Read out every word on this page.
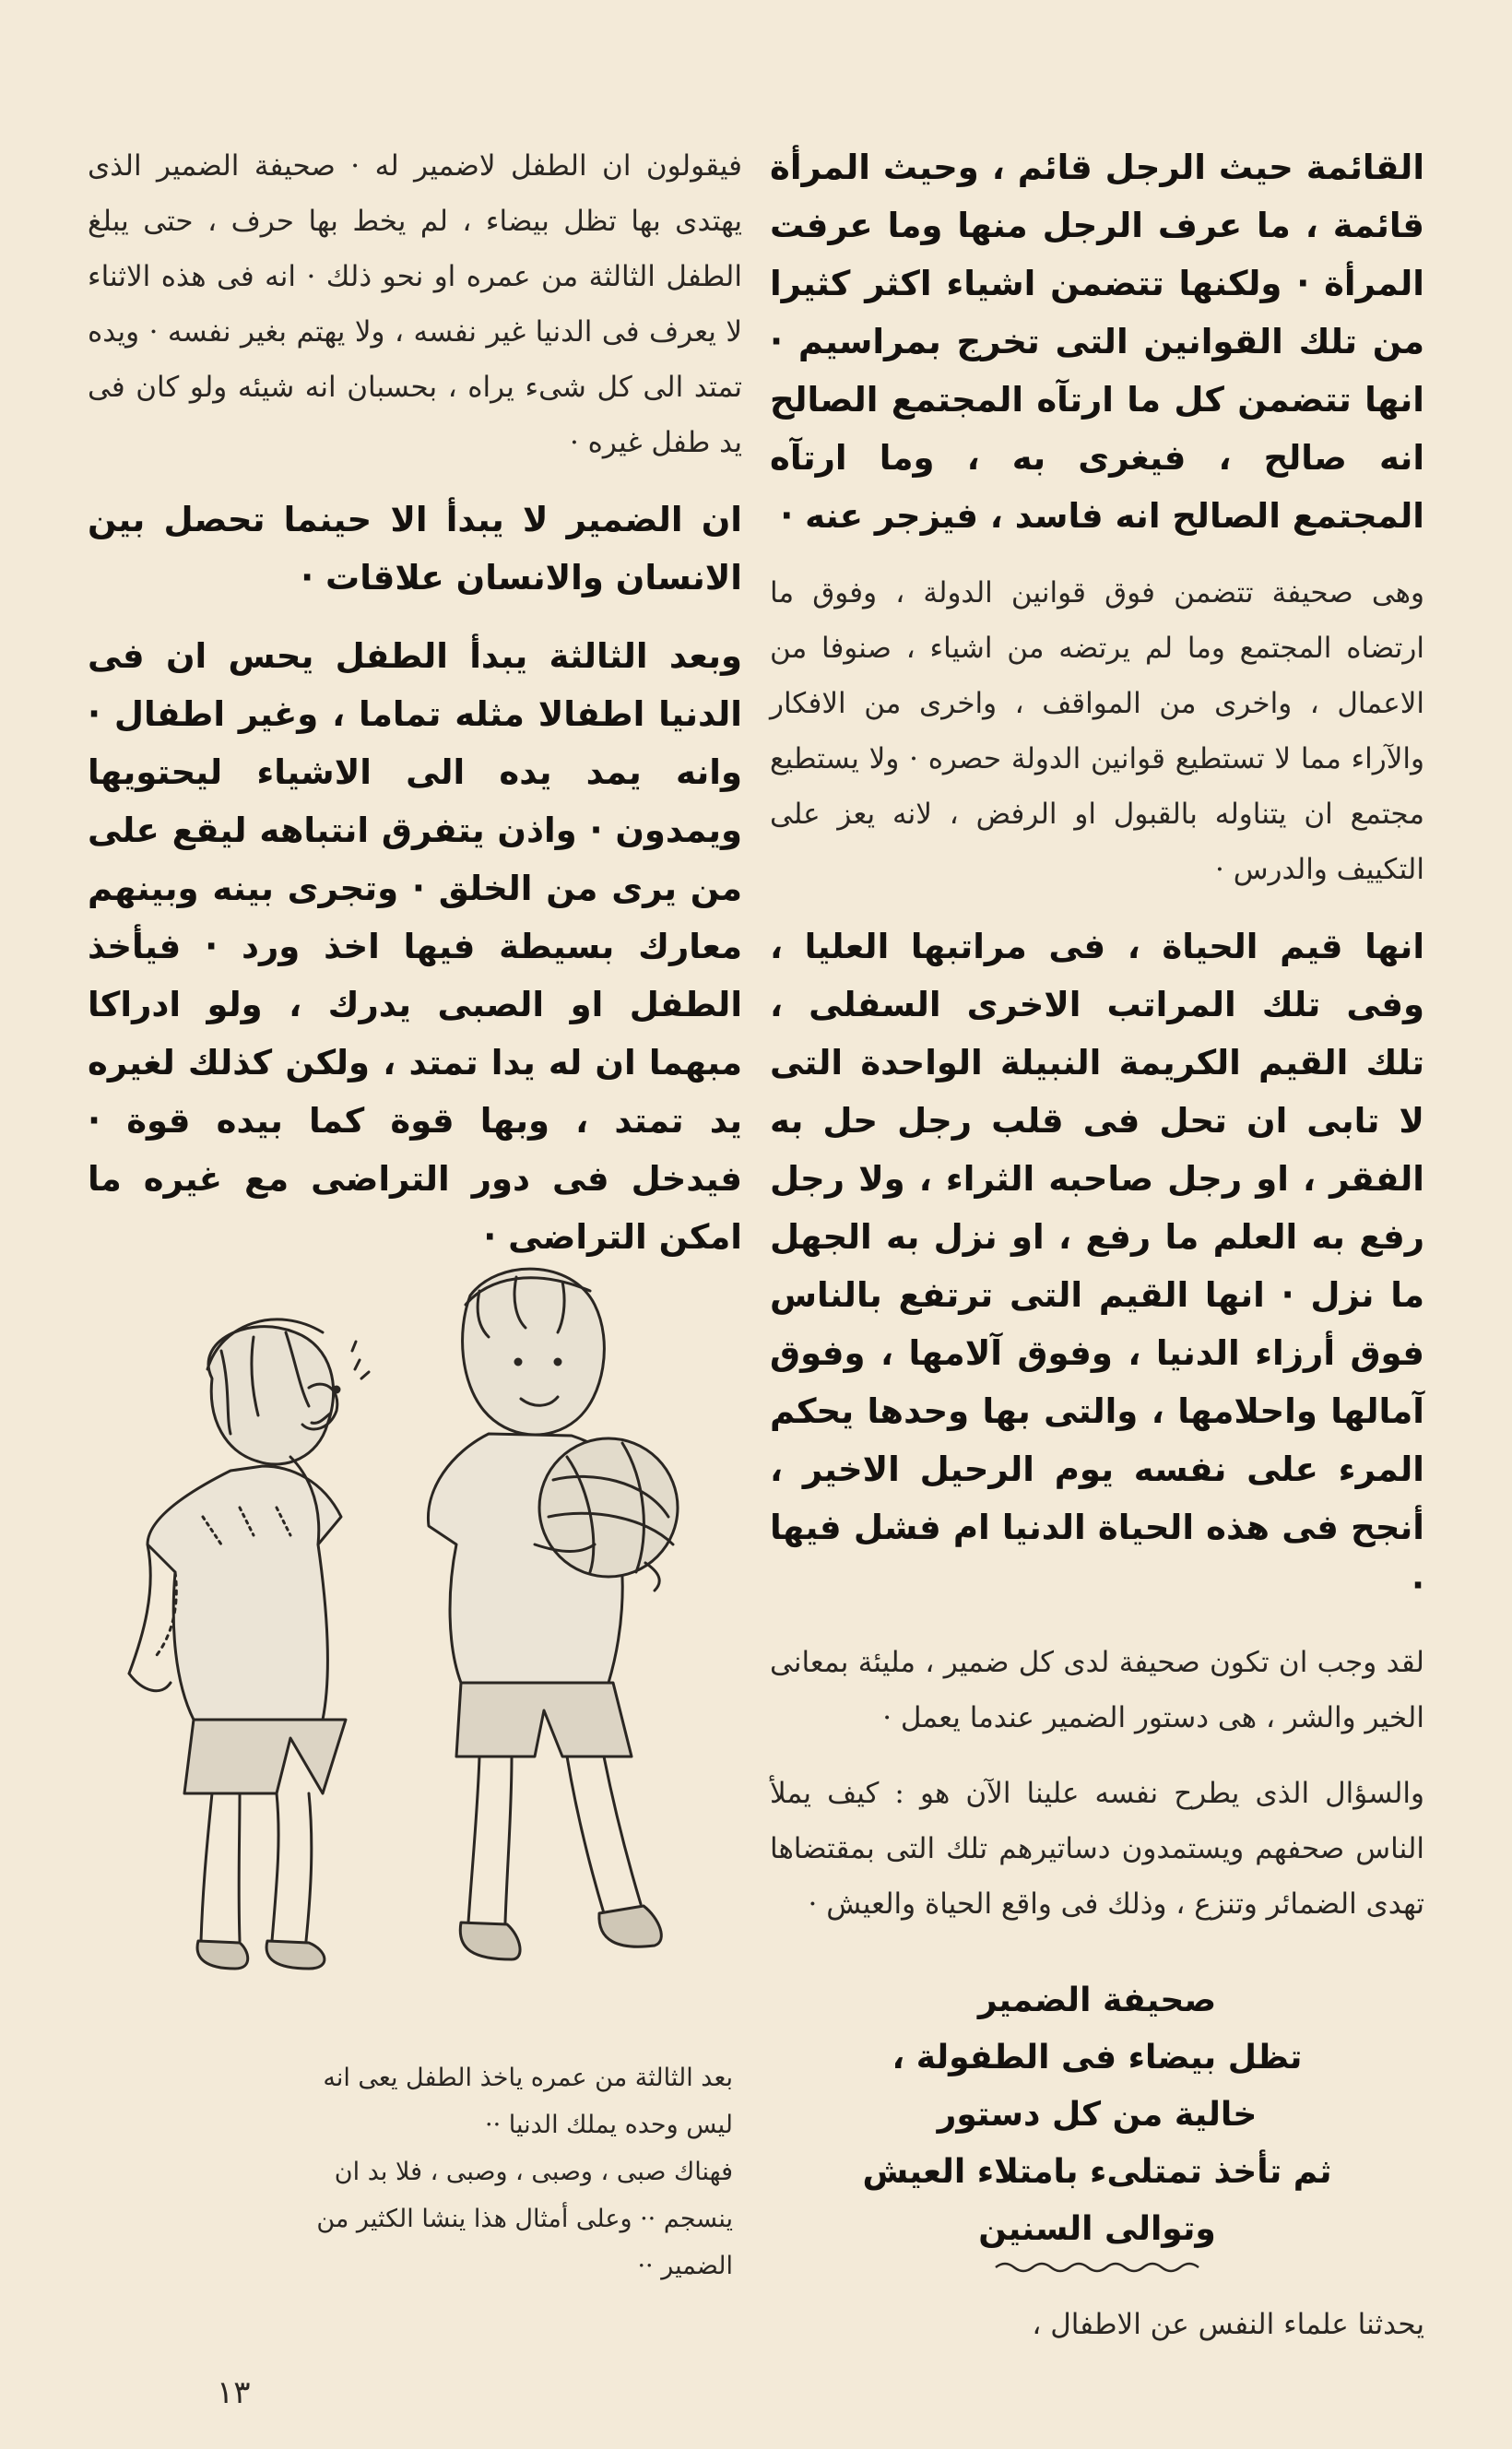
القائمة حيث الرجل قائم ، وحيث المرأة قائمة ، ما عرف الرجل منها وما عرفت المرأة · ولكنها تتضمن اشياء اكثر كثيرا من تلك القوانين التى تخرج بمراسيم · انها تتضمن كل ما ارتآه المجتمع الصالح انه صالح ، فيغرى به ، وما ارتآه المجتمع الصالح انه فاسد ، فيزجر عنه ·

وهى صحيفة تتضمن فوق قوانين الدولة ، وفوق ما ارتضاه المجتمع وما لم يرتضه من اشياء ، صنوفا من الاعمال ، واخرى من المواقف ، واخرى من الافكار والآراء مما لا تستطيع قوانين الدولة حصره · ولا يستطيع مجتمع ان يتناوله بالقبول او الرفض ، لانه يعز على التكييف والدرس ·

انها قيم الحياة ، فى مراتبها العليا ، وفى تلك المراتب الاخرى السفلى ، تلك القيم الكريمة النبيلة الواحدة التى لا تابى ان تحل فى قلب رجل حل به الفقر ، او رجل صاحبه الثراء ، ولا رجل رفع به العلم ما رفع ، او نزل به الجهل ما نزل · انها القيم التى ترتفع بالناس فوق أرزاء الدنيا ، وفوق آلامها ، وفوق آمالها واحلامها ، والتى بها وحدها يحكم المرء على نفسه يوم الرحيل الاخير ، أنجح فى هذه الحياة الدنيا ام فشل فيها ·

لقد وجب ان تكون صحيفة لدى كل ضمير ، مليئة بمعانى الخير والشر ، هى دستور الضمير عندما يعمل ·

والسؤال الذى يطرح نفسه علينا الآن هو : كيف يملأ الناس صحفهم ويستمدون دساتيرهم تلك التى بمقتضاها تهدى الضمائر وتنزع ، وذلك فى واقع الحياة والعيش ·

صحيفة الضمير

تظل بيضاء فى الطفولة ،

خالية من كل دستور

ثم تأخذ تمتلىء بامتلاء العيش

وتوالى السنين

يحدثنا علماء النفس عن الاطفال ،

فيقولون ان الطفل لاضمير له · صحيفة الضمير الذى يهتدى بها تظل بيضاء ، لم يخط بها حرف ، حتى يبلغ الطفل الثالثة من عمره او نحو ذلك · انه فى هذه الاثناء لا يعرف فى الدنيا غير نفسه ، ولا يهتم بغير نفسه · ويده تمتد الى كل شىء يراه ، بحسبان انه شيئه ولو كان فى يد طفل غيره ·

ان الضمير لا يبدأ الا حينما تحصل بين الانسان والانسان علاقات ·

وبعد الثالثة يبدأ الطفل يحس ان فى الدنيا اطفالا مثله تماما ، وغير اطفال · وانه يمد يده الى الاشياء ليحتويها ويمدون · واذن يتفرق انتباهه ليقع على من يرى من الخلق · وتجرى بينه وبينهم معارك بسيطة فيها اخذ ورد · فيأخذ الطفل او الصبى يدرك ، ولو ادراكا مبهما ان له يدا تمتد ، ولكن كذلك لغيره يد تمتد ، وبها قوة كما بيده قوة · فيدخل فى دور التراضى مع غيره ما امكن التراضى ·

بعد الثالثة من عمره ياخذ الطفل يعى انه
ليس وحده يملك الدنيا ··
فهناك صبى ، وصبى ، وصبى ، فلا بد ان
ينسجم ·· وعلى أمثال هذا ينشا الكثير من
الضمير ··
١٣
